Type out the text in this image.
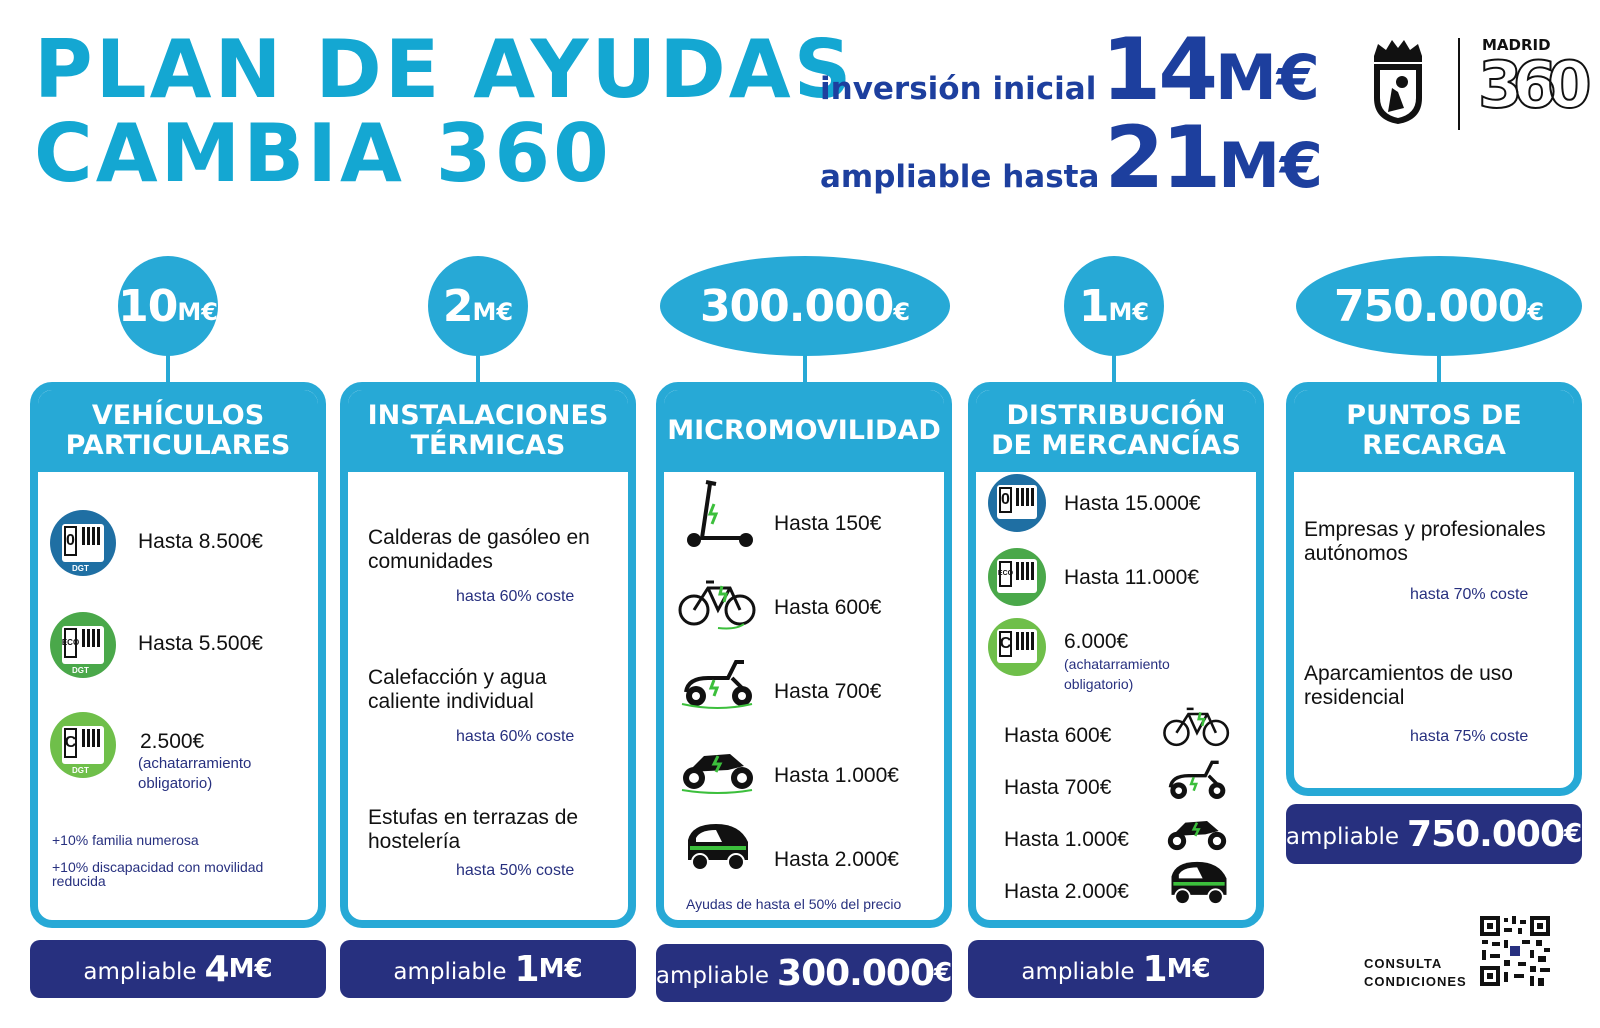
PLAN DE AYUDAS
CAMBIA 360
inversión inicial 14M€
ampliable hasta 21M€
MADRID
360
10 M€
VEHÍCULOS PARTICULARES
0
DGT
Hasta 8.500€
ECO
DGT
Hasta 5.500€
C
DGT
2.500€
(achatarramiento obligatorio)
+10% familia numerosa
+10% discapacidad con movilidad reducida
ampliable 4 M€
2 M€
INSTALACIONES TÉRMICAS
Calderas de gasóleo en comunidades
hasta 60% coste
Calefacción y agua caliente individual
hasta 60% coste
Estufas en terrazas de hostelería
hasta 50% coste
ampliable 1 M€
300.000 €
MICROMOVILIDAD
Hasta 150€
Hasta 600€
Hasta 700€
Hasta 1.000€
Hasta 2.000€
Ayudas de hasta el 50% del precio
ampliable 300.000 €
1 M€
DISTRIBUCIÓN DE MERCANCÍAS
0	Hasta 15.000€
ECO Hasta 11.000€
C	6.000€
(achatarramiento obligatorio)
Hasta 600€
Hasta 700€
Hasta 1.000€
Hasta 2.000€
ampliable 1 M€
750.000 €
PUNTOS DE RECARGA
Empresas y profesionales autónomos
hasta 70% coste
Aparcamientos de uso residencial
hasta 75% coste
ampliable 750.000 €
CONSULTA
CONDICIONES
